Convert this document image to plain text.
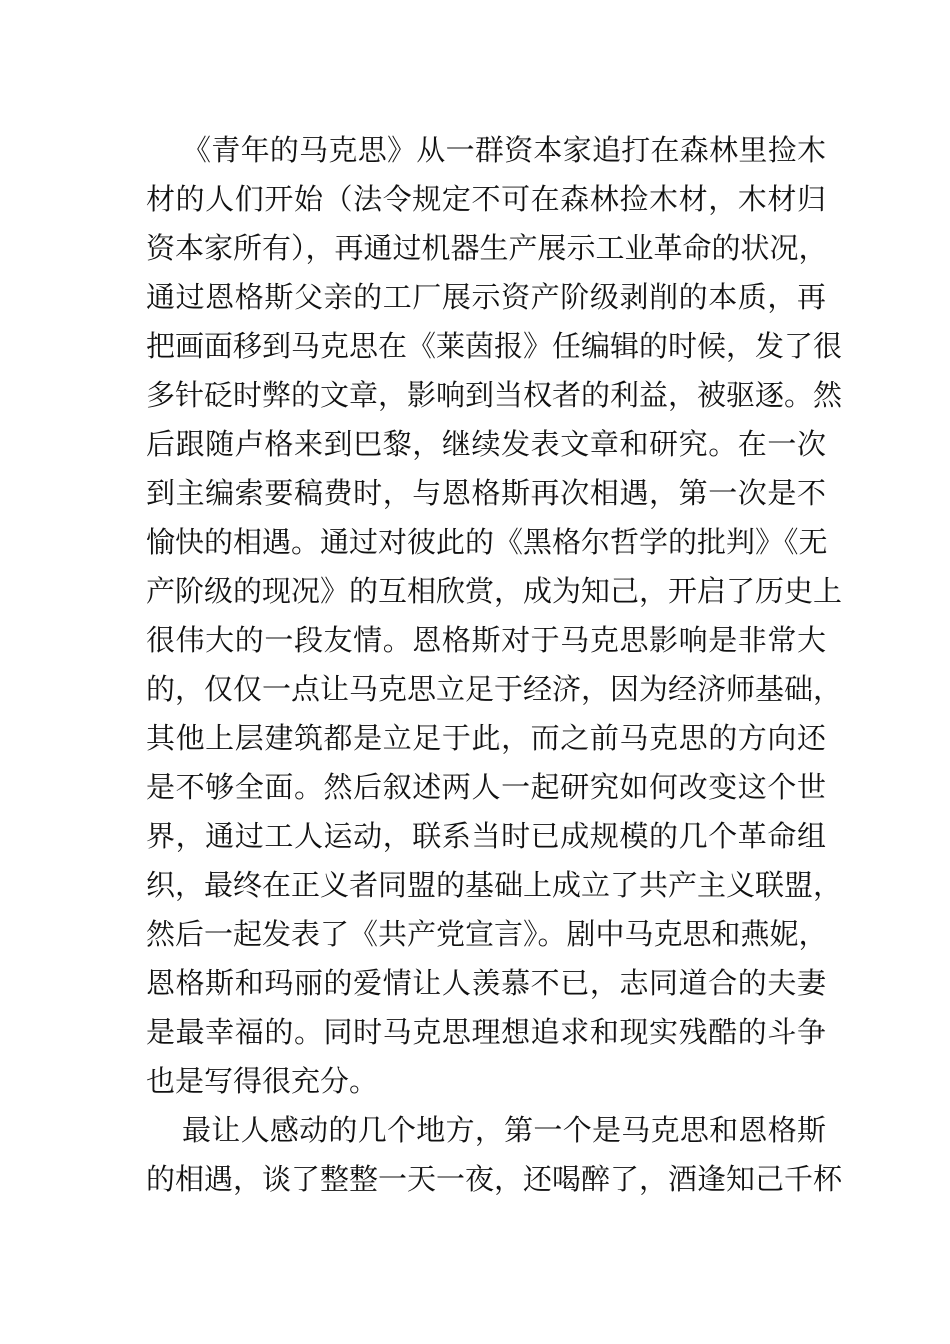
《青年的马克思》从一群资本家追打在森林里捡木
材的人们开始（法令规定不可在森林捡木材，木材归
资本家所有），再通过机器生产展示工业革命的状况，
通过恩格斯父亲的工厂展示资产阶级剥削的本质，再
把画面移到马克思在《莱茵报》任编辑的时候，发了很
多针砭时弊的文章，影响到当权者的利益，被驱逐。然
后跟随卢格来到巴黎，继续发表文章和研究。在一次
到主编索要稿费时，与恩格斯再次相遇，第一次是不
愉快的相遇。通过对彼此的《黑格尔哲学的批判》《无
产阶级的现况》的互相欣赏，成为知己，开启了历史上
很伟大的一段友情。恩格斯对于马克思影响是非常大
的，仅仅一点让马克思立足于经济，因为经济师基础，
其他上层建筑都是立足于此，而之前马克思的方向还
是不够全面。然后叙述两人一起研究如何改变这个世
界，通过工人运动，联系当时已成规模的几个革命组
织，最终在正义者同盟的基础上成立了共产主义联盟，
然后一起发表了《共产党宣言》。剧中马克思和燕妮，
恩格斯和玛丽的爱情让人羡慕不已，志同道合的夫妻
是最幸福的。同时马克思理想追求和现实残酷的斗争
也是写得很充分。
最让人感动的几个地方，第一个是马克思和恩格斯
的相遇，谈了整整一天一夜，还喝醉了，酒逢知己千杯
